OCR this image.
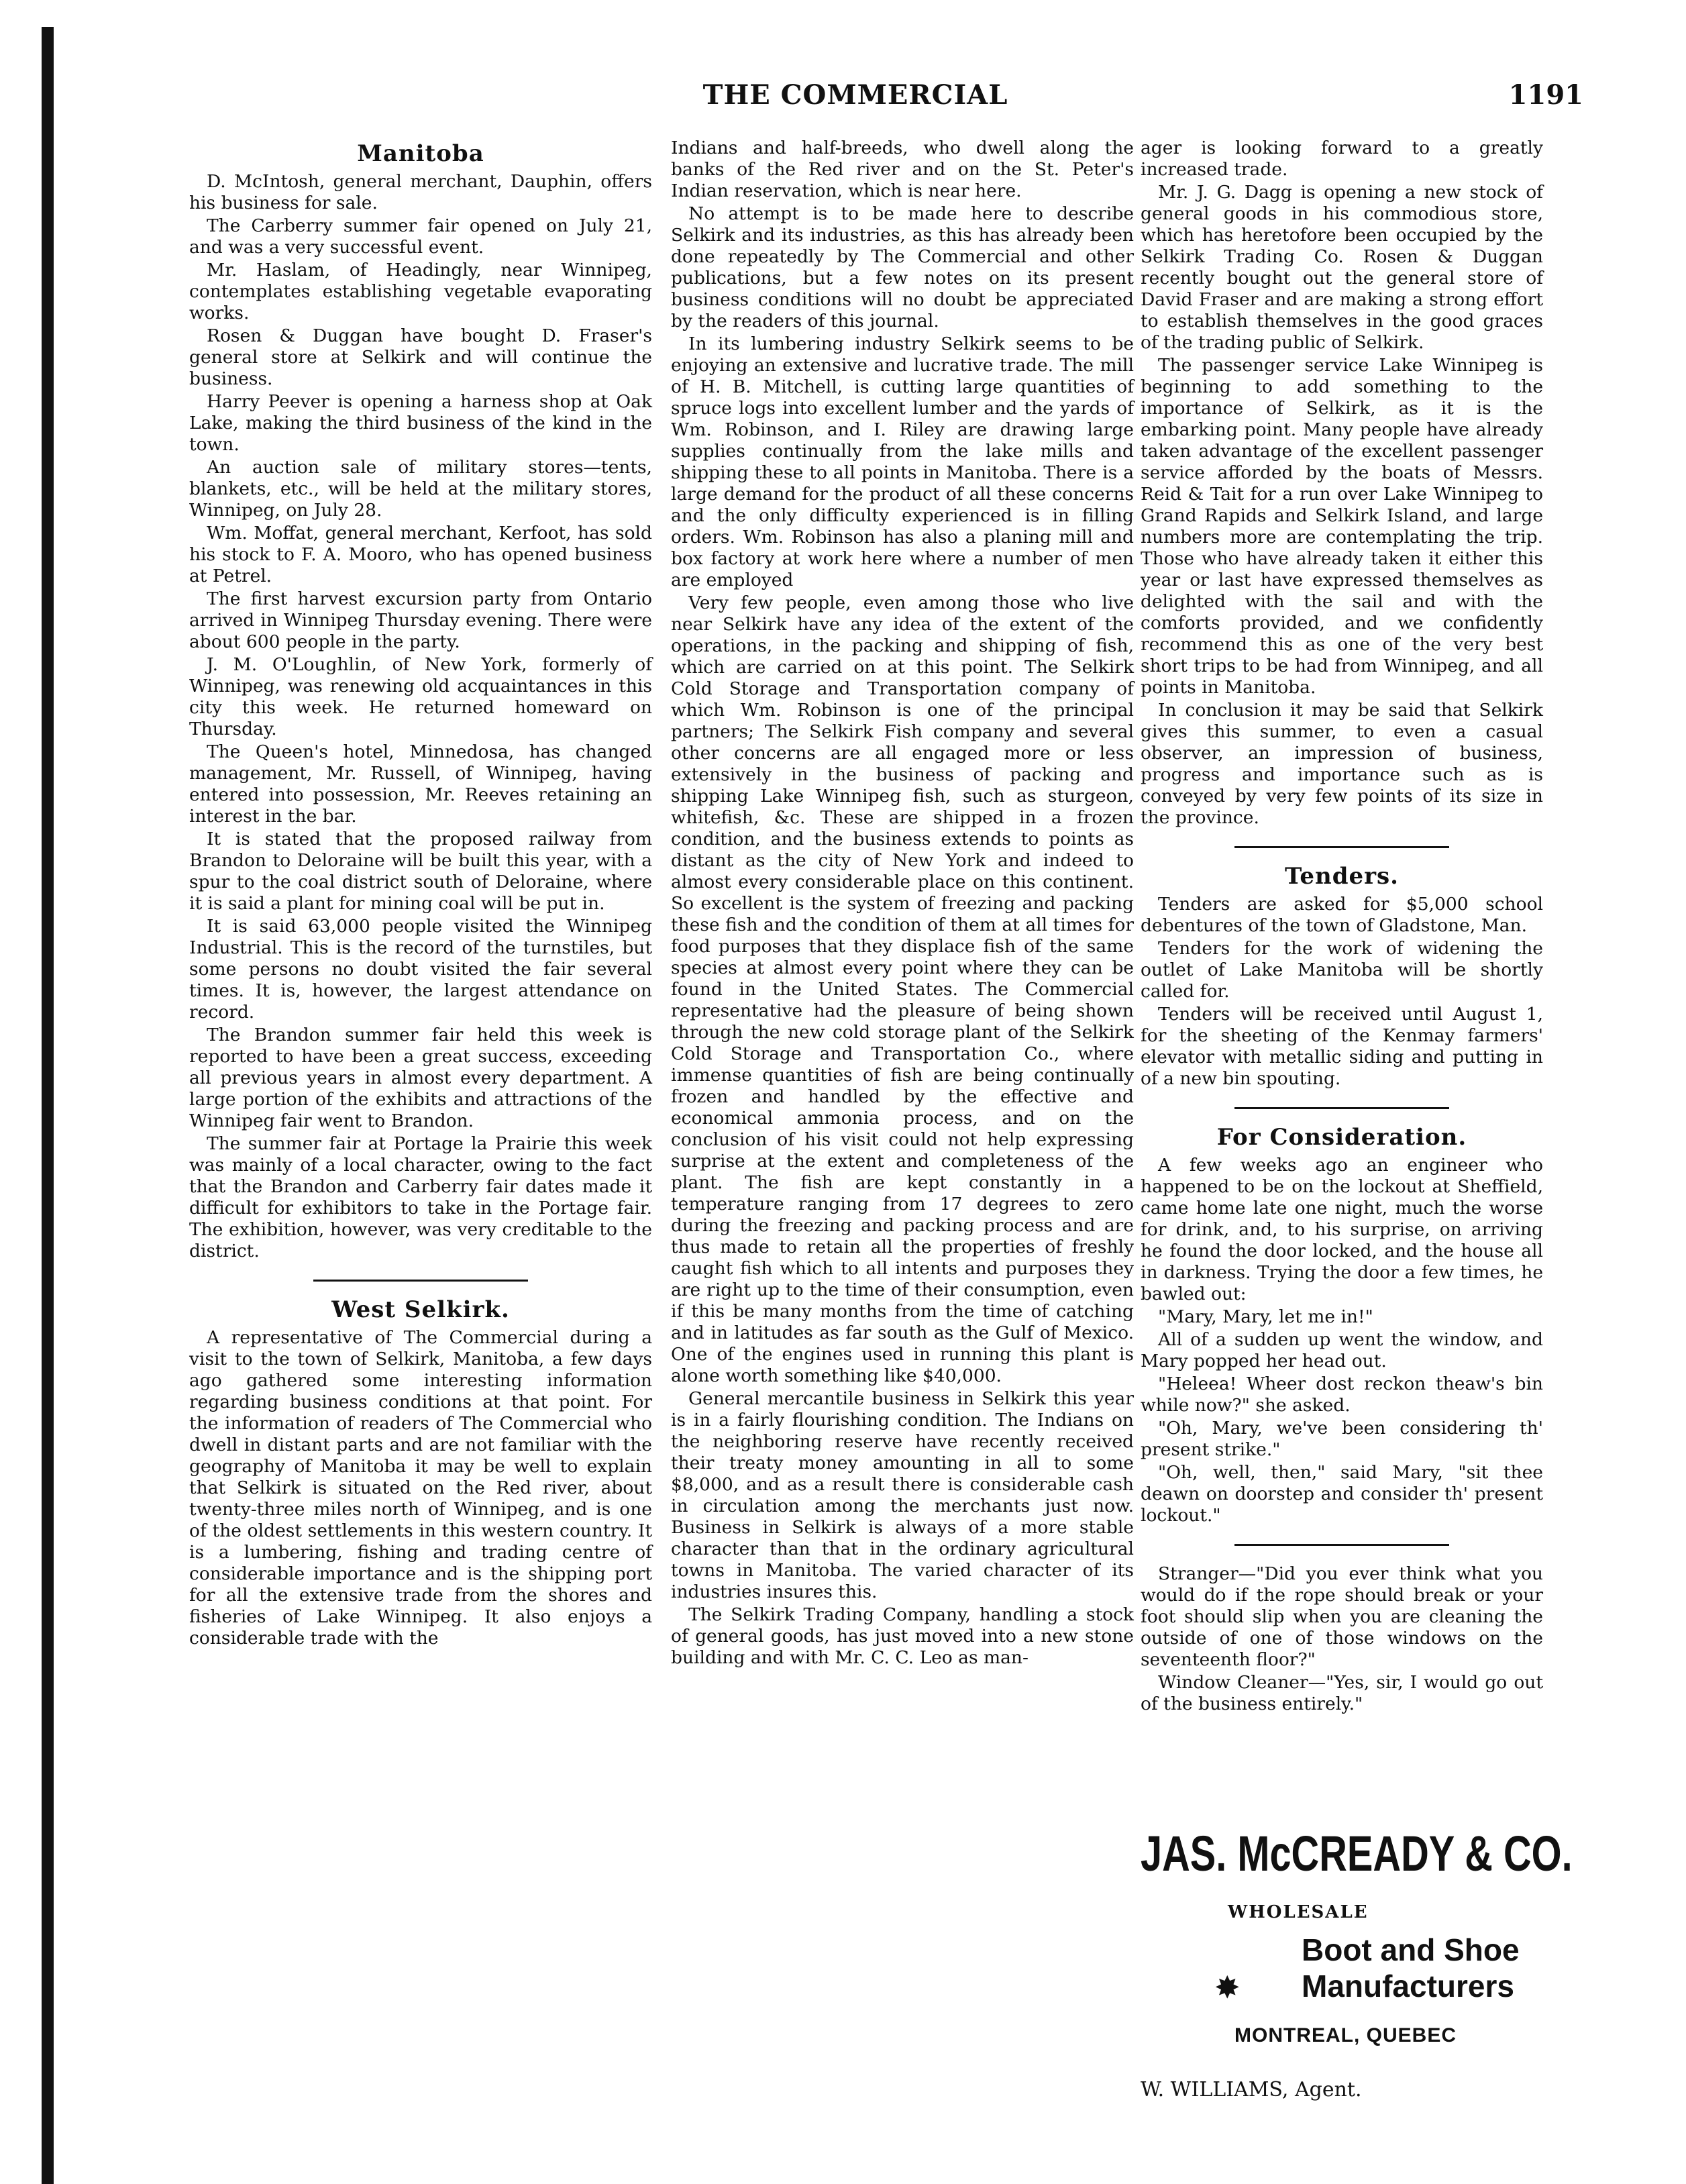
THE COMMERCIAL	1191
Manitoba

D. McIntosh, general merchant, Dauphin, offers his business for sale.

The Carberry summer fair opened on July 21, and was a very successful event.

Mr. Haslam, of Headingly, near Winnipeg, contemplates establishing vegetable evaporating works.

Rosen & Duggan have bought D. Fraser's general store at Selkirk and will continue the business.

Harry Peever is opening a harness shop at Oak Lake, making the third business of the kind in the town.

An auction sale of military stores—tents, blankets, etc., will be held at the military stores, Winnipeg, on July 28.

Wm. Moffat, general merchant, Kerfoot, has sold his stock to F. A. Mooro, who has opened business at Petrel.

The first harvest excursion party from Ontario arrived in Winnipeg Thursday evening. There were about 600 people in the party.

J. M. O'Loughlin, of New York, formerly of Winnipeg, was renewing old acquaintances in this city this week. He returned homeward on Thursday.

The Queen's hotel, Minnedosa, has changed management, Mr. Russell, of Winnipeg, having entered into possession, Mr. Reeves retaining an interest in the bar.

It is stated that the proposed railway from Brandon to Deloraine will be built this year, with a spur to the coal district south of Deloraine, where it is said a plant for mining coal will be put in.

It is said 63,000 people visited the Winnipeg Industrial. This is the record of the turnstiles, but some persons no doubt visited the fair several times. It is, however, the largest attendance on record.

The Brandon summer fair held this week is reported to have been a great success, exceeding all previous years in almost every department. A large portion of the exhibits and attractions of the Winnipeg fair went to Brandon.

The summer fair at Portage la Prairie this week was mainly of a local character, owing to the fact that the Brandon and Carberry fair dates made it difficult for exhibitors to take in the Portage fair. The exhibition, however, was very creditable to the district.

West Selkirk.

A representative of The Commercial during a visit to the town of Selkirk, Manitoba, a few days ago gathered some interesting information regarding business conditions at that point. For the information of readers of The Commercial who dwell in distant parts and are not familiar with the geography of Manitoba it may be well to explain that Selkirk is situated on the Red river, about twenty-three miles north of Winnipeg, and is one of the oldest settlements in this western country. It is a lumbering, fishing and trading centre of considerable importance and is the shipping port for all the extensive trade from the shores and fisheries of Lake Winnipeg. It also enjoys a considerable trade with the

Indians and half-breeds, who dwell along the banks of the Red river and on the St. Peter's Indian reservation, which is near here.

No attempt is to be made here to describe Selkirk and its industries, as this has already been done repeatedly by The Commercial and other publications, but a few notes on its present business conditions will no doubt be appreciated by the readers of this journal.

In its lumbering industry Selkirk seems to be enjoying an extensive and lucrative trade. The mill of H. B. Mitchell, is cutting large quantities of spruce logs into excellent lumber and the yards of Wm. Robinson, and I. Riley are drawing large supplies continually from the lake mills and shipping these to all points in Manitoba. There is a large demand for the product of all these concerns and the only difficulty experienced is in filling orders. Wm. Robinson has also a planing mill and box factory at work here where a number of men are employed

Very few people, even among those who live near Selkirk have any idea of the extent of the operations, in the packing and shipping of fish, which are carried on at this point. The Selkirk Cold Storage and Transportation company of which Wm. Robinson is one of the principal partners; The Selkirk Fish company and several other concerns are all engaged more or less extensively in the business of packing and shipping Lake Winnipeg fish, such as sturgeon, whitefish, &c. These are shipped in a frozen condition, and the business extends to points as distant as the city of New York and indeed to almost every considerable place on this continent. So excellent is the system of freezing and packing these fish and the condition of them at all times for food purposes that they displace fish of the same species at almost every point where they can be found in the United States. The Commercial representative had the pleasure of being shown through the new cold storage plant of the Selkirk Cold Storage and Transportation Co., where immense quantities of fish are being continually frozen and handled by the effective and economical ammonia process, and on the conclusion of his visit could not help expressing surprise at the extent and completeness of the plant. The fish are kept constantly in a temperature ranging from 17 degrees to zero during the freezing and packing process and are thus made to retain all the properties of freshly caught fish which to all intents and purposes they are right up to the time of their consumption, even if this be many months from the time of catching and in latitudes as far south as the Gulf of Mexico. One of the engines used in running this plant is alone worth something like $40,000.

General mercantile business in Selkirk this year is in a fairly flourishing condition. The Indians on the neighboring reserve have recently received their treaty money amounting in all to some $8,000, and as a result there is considerable cash in circulation among the merchants just now. Business in Selkirk is always of a more stable character than that in the ordinary agricultural towns in Manitoba. The varied character of its industries insures this.

The Selkirk Trading Company, handling a stock of general goods, has just moved into a new stone building and with Mr. C. C. Leo as man-

ager is looking forward to a greatly increased trade.

Mr. J. G. Dagg is opening a new stock of general goods in his commodious store, which has heretofore been occupied by the Selkirk Trading Co. Rosen & Duggan recently bought out the general store of David Fraser and are making a strong effort to establish themselves in the good graces of the trading public of Selkirk.

The passenger service Lake Winnipeg is beginning to add something to the importance of Selkirk, as it is the embarking point. Many people have already taken advantage of the excellent passenger service afforded by the boats of Messrs. Reid & Tait for a run over Lake Winnipeg to Grand Rapids and Selkirk Island, and large numbers more are contemplating the trip. Those who have already taken it either this year or last have expressed themselves as delighted with the sail and with the comforts provided, and we confidently recommend this as one of the very best short trips to be had from Winnipeg, and all points in Manitoba.

In conclusion it may be said that Selkirk gives this summer, to even a casual observer, an impression of business, progress and importance such as is conveyed by very few points of its size in the province.

Tenders.

Tenders are asked for $5,000 school debentures of the town of Gladstone, Man.

Tenders for the work of widening the outlet of Lake Manitoba will be shortly called for.

Tenders will be received until August 1, for the sheeting of the Kenmay farmers' elevator with metallic siding and putting in of a new bin spouting.

For Consideration.

A few weeks ago an engineer who happened to be on the lockout at Sheffield, came home late one night, much the worse for drink, and, to his surprise, on arriving he found the door locked, and the house all in darkness. Trying the door a few times, he bawled out:

"Mary, Mary, let me in!"

All of a sudden up went the window, and Mary popped her head out.

"Heleea! Wheer dost reckon theaw's bin while now?" she asked.

"Oh, Mary, we've been considering th' present strike."

"Oh, well, then," said Mary, "sit thee deawn on doorstep and consider th' present lockout."

Stranger—"Did you ever think what you would do if the rope should break or your foot should slip when you are cleaning the outside of one of those windows on the seventeenth floor?"

Window Cleaner—"Yes, sir, I would go out of the business entirely."

JAS. McCREADY & CO.
WHOLESALE
✸
Boot and Shoe
Manufacturers
MONTREAL, QUEBEC
W. WILLIAMS, Agent.
